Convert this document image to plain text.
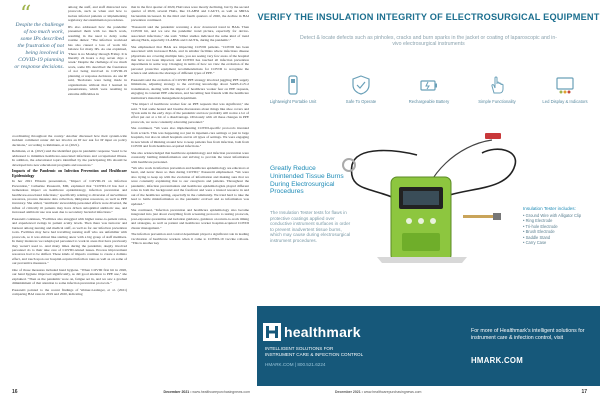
“
Despite the challenge of too much work, some IPs described the frustration of not being involved in COVID-19 planning or response decisions.

among the staff, and staff distracted new protocols, such as when and how to isolate infected patients or implementing regulatory decontamination procedures.

IPs also addressed how the pandemic presented them with too much work, resulting in the need to delay some routine duties: "The infection workload has also caused a loss of work life balance for many IPs. As one explained, 'There is no Monday through Friday. It is literally 24 hours a day, seven days a week.' Despite the challenge of too much work, some IPs described the frustration of not being involved in COVID-19 planning or response decisions. As one IP said, 'Decisions were being made in organizations without that I learned in presentations, which were resulting in extreme difficulties in

coordinating throughout the county.' Another discussed how their system-wide incident command center did not involve an IP nor ask for IP input on policy decisions," according to Rebmann, et al. (2021).

Rebmann, et al. (2021) said the identified gaps in pandemic response "need to be addressed to minimize healthcare-associated infections and occupational illness. In addition, the educational topics identified by the participating IPs should be developed into new educational programs and resources."

Impacts of the Pandemic on Infection Prevention and Healthcare Epidemiology

In her 2021 Ellstein presentation, "Impact of COVID-19 on Infection Prevention," Catherine Passaretti, MD, explained that "COVID-19 has had a tremendous impact on healthcare epidemiology, infection prevention and healthcare-associated infections," specifically relating to diversion of surveillance resources, process measure data collection, mitigation resources, as well as PPE inventory. She added, "Antibiotic stewardship personnel efforts were diverted, the influx of critically ill patients may have driven suboptimal antibiotic use, and increased antibiotic use was seen due to secondary bacterial infections."

Passaretti continues, "Facilities also struggled with higher nurse-to-patient ratios, and experienced swings in patient acuity levels. Then there was turnover and burnout among nursing and medical staff, as well as for our infection prevention tools. Facilities may have had travelling nursing staff who are unfamiliar with protocols, so it was almost like starting anew with a big group of staff members. In many instances we redeployed personnel to work in areas that have previously they weren't used to. And many times during the pandemic, deeply involved personnel do to their take care of COVID-related issues. Process improvement resources had to be shifted. These kinds of impacts continue to create a domino effect, and touch upon our hospital-acquired infection rates as well as on some of our preventive measures."

One of those measures included hand hygiene. "When COVID first hit in 2020, our hand hygiene improved significantly, as did good attention to PPE use," she explained. "Then as the pandemic wore on, fatigue set in, and we saw a gradual diminishment of that attention to some infection prevention protocols."

Passaretti pointed to the recent findings of Weiner-Lastinger, et al. (2021) comparing HAI rates in 2019 and 2020, indicating

that in the first quarter of 2020, HAI rates were mostly declining, but by the second quarter of 2020, several HAIs, like CLABSI and CAUTI, as well as MRSA bacteremia increased. In the third and fourth quarters of 2020, the decline in HAI prevention continued.

"Passaretti said the pandemic reversing a slow downward trend in HAIs. Then COVID hit, and we saw the pandemic trend picture, especially for device-associated infections," she said. "Other studies indicated the same kind of trend among HAIs, especially CLABSIs and CAUTIs, during the pandemic."

She emphasized that HAIs are impacting COVID patients. "COVID has been associated with increased HAIs, and in smaller facilities where infectious disease physicians are covering multiple hats, you are seeing very few areas of the hospital that have not been impacted, and COVID has touched all infection prevention departments in some way. Changing in terms of how we view the evolution of the personal protective equipment recommendations for COVID to recognize the science and address the shortage of different types of PPE."

Passaretti said the evolution of COVID PPE strategy involved juggling PPE supply limitations, adjusting strategy to the evolving knowledge about SARS-CoV-2 transmission, dealing with the impact of healthcare worker fear on PPE requests, engaging in constant PPE education, and becoming best friends with the healthcare institution's materials management department.

"The impact of healthcare worker fear on PPE requests that was significant," she said. "I had some heated and breathe discussions about things like shoe covers and Tyvek suits in the early days of the pandemic and now probably still notice a lot of effort put out at a bit of a disadvantage. Obviously with all these changes in PPE protocols, we were constantly educating personnel."

She continued, "We were also implementing COVID-specific protocols invented from scratch. This was happening not just in inpatient-care settings or just in large hospitals, but also in small hospitals and in all types of settings. We were engaging in new kinds of thinking around how to keep patients free from infection, both from COVID and from healthcare-acquired infections."

She also acknowledged that healthcare epidemiology and infection prevention were constantly battling misinformation and striving to provide the latest information with healthcare personnel.

"We who work in infection prevention and healthcare epidemiology are educators at heart, and never more so than during COVID," Passaretti emphasized. "We were also trying to keep up with the evolution of information and making sure that we were constantly explaining that to our caregivers and patients. Throughout the pandemic, infection preventionists and healthcare epidemiologists played different roles in both the background and the forefront and were a trusted resource in and out of the healthcare setting, especially in the community. We tried hard to take the lead to battle misinformation as the pandemic evolved and as information was updated."

She continued, "Infection prevention and healthcare epidemiology also became integrated into just about everything from screening protocols to testing protocols, post-exposure quarantine and isolation guidance, guidance on return-to-work timing and strategies, as well as patient and healthcare worker hospital-acquired COVID cluster management."

The infection prevention and control department played a significant role in leading vaccination of healthcare workers when it came to COVID-19 vaccine rollouts. "This is another key

16	December 2021 • www.healthcarepurchasingnews.com
VERIFY THE INSULATION INTEGRITY OF ELECTROSURGICAL EQUIPMENT
Detect & locate defects such as pinholes, cracks and burn sparks in the jacket or coating of laparoscopic and in-vivo electrosurgical instruments
Lightweight Portable Unit	Safe To Operate	Rechargeable Battery	Simple Functionality	Led Display & Indicators
Greatly Reduce Unintended Tissue Burns During Electrosurgical Procedures
The Insulation Tester tests for flaws in protective coatings applied over conductive instrument surfaces in order to prevent inadvertent tissue burns, which may cause during electrosurgical instrument procedures.
Insulation Tester includes:
• Ground Wire with Alligator Clip
• Ring Electrode
• Tri-hole Electrode
• Brush Electrode
• Saddle Stand
• Carry Case
healthmark
INTELLIGENT SOLUTIONS FOR
INSTRUMENT CARE & INFECTION CONTROL
HMARK.COM | 800.521.6224
For more of Healthmark's intelligent solutions for instrument care & infection control, visit
HMARK.COM
December 2021 • www.healthcarepurchasingnews.com	17
